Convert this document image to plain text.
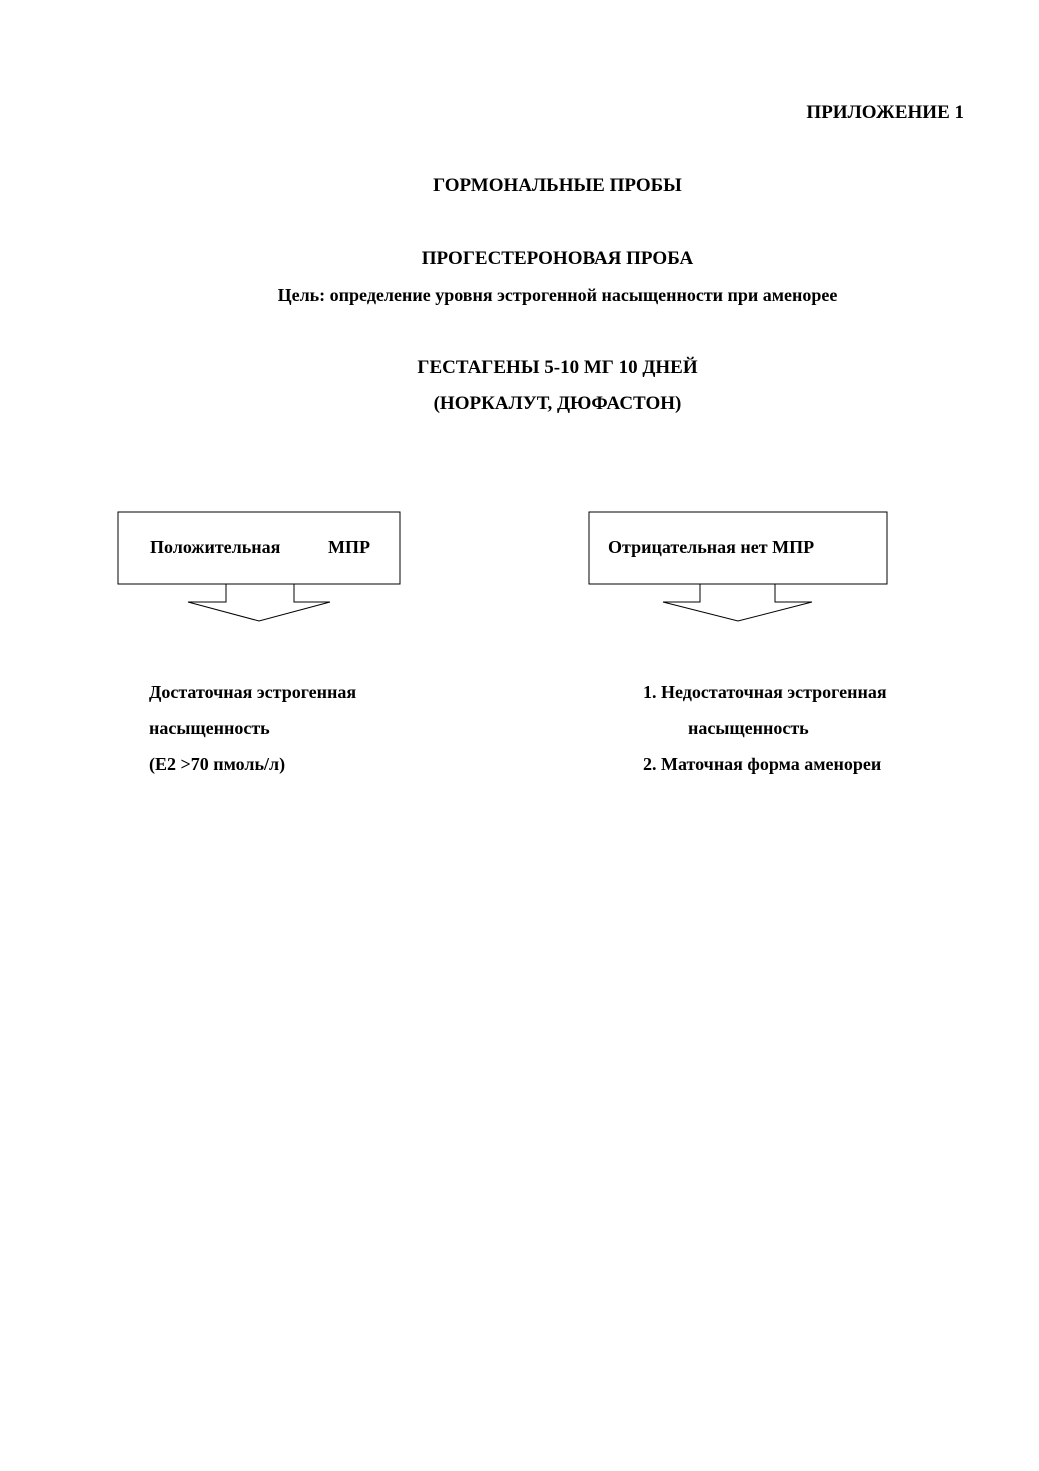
ПРИЛОЖЕНИЕ 1
ГОРМОНАЛЬНЫЕ ПРОБЫ
ПРОГЕСТЕРОНОВАЯ ПРОБА
Цель: определение уровня эстрогенной насыщенности при аменорее
ГЕСТАГЕНЫ 5-10 МГ 10 ДНЕЙ
(НОРКАЛУТ, ДЮФАСТОН)
Положительная	МПР	Отрицательная нет МПР
Достаточная эстрогенная
насыщенность
(Е2 >70 пмоль/л)
1. Недостаточная эстрогенная
насыщенность
2. Маточная форма аменореи
